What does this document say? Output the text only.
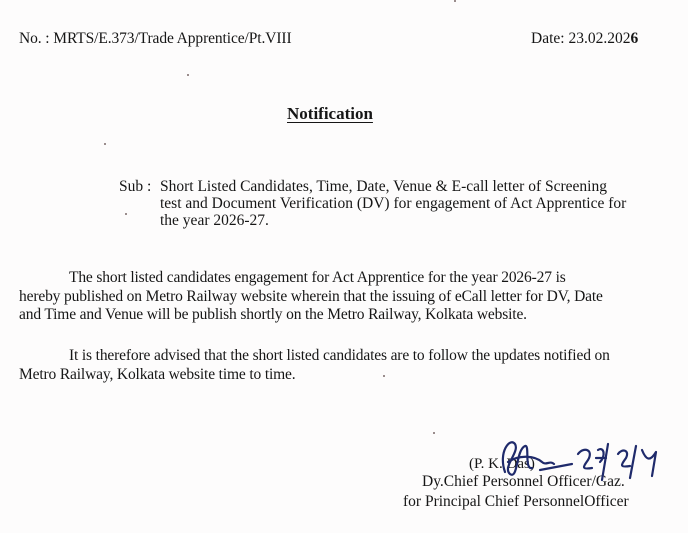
No. : MRTS/E.373/Trade Apprentice/Pt.VIII	Date: 23.02.2026
Notification
Sub : Short Listed Candidates, Time, Date, Venue & E-call letter of Screening
test and Document Verification (DV) for engagement of Act Apprentice for
the year 2026-27.
The short listed candidates engagement for Act Apprentice for the year 2026-27 is
hereby published on Metro Railway website wherein that the issuing of eCall letter for DV, Date
and Time and Venue will be publish shortly on the Metro Railway, Kolkata website.
It is therefore advised that the short listed candidates are to follow the updates notified on
Metro Railway, Kolkata website time to time.
(P. K. Das)
Dy.Chief Personnel Officer/Gaz.
for Principal Chief PersonnelOfficer
